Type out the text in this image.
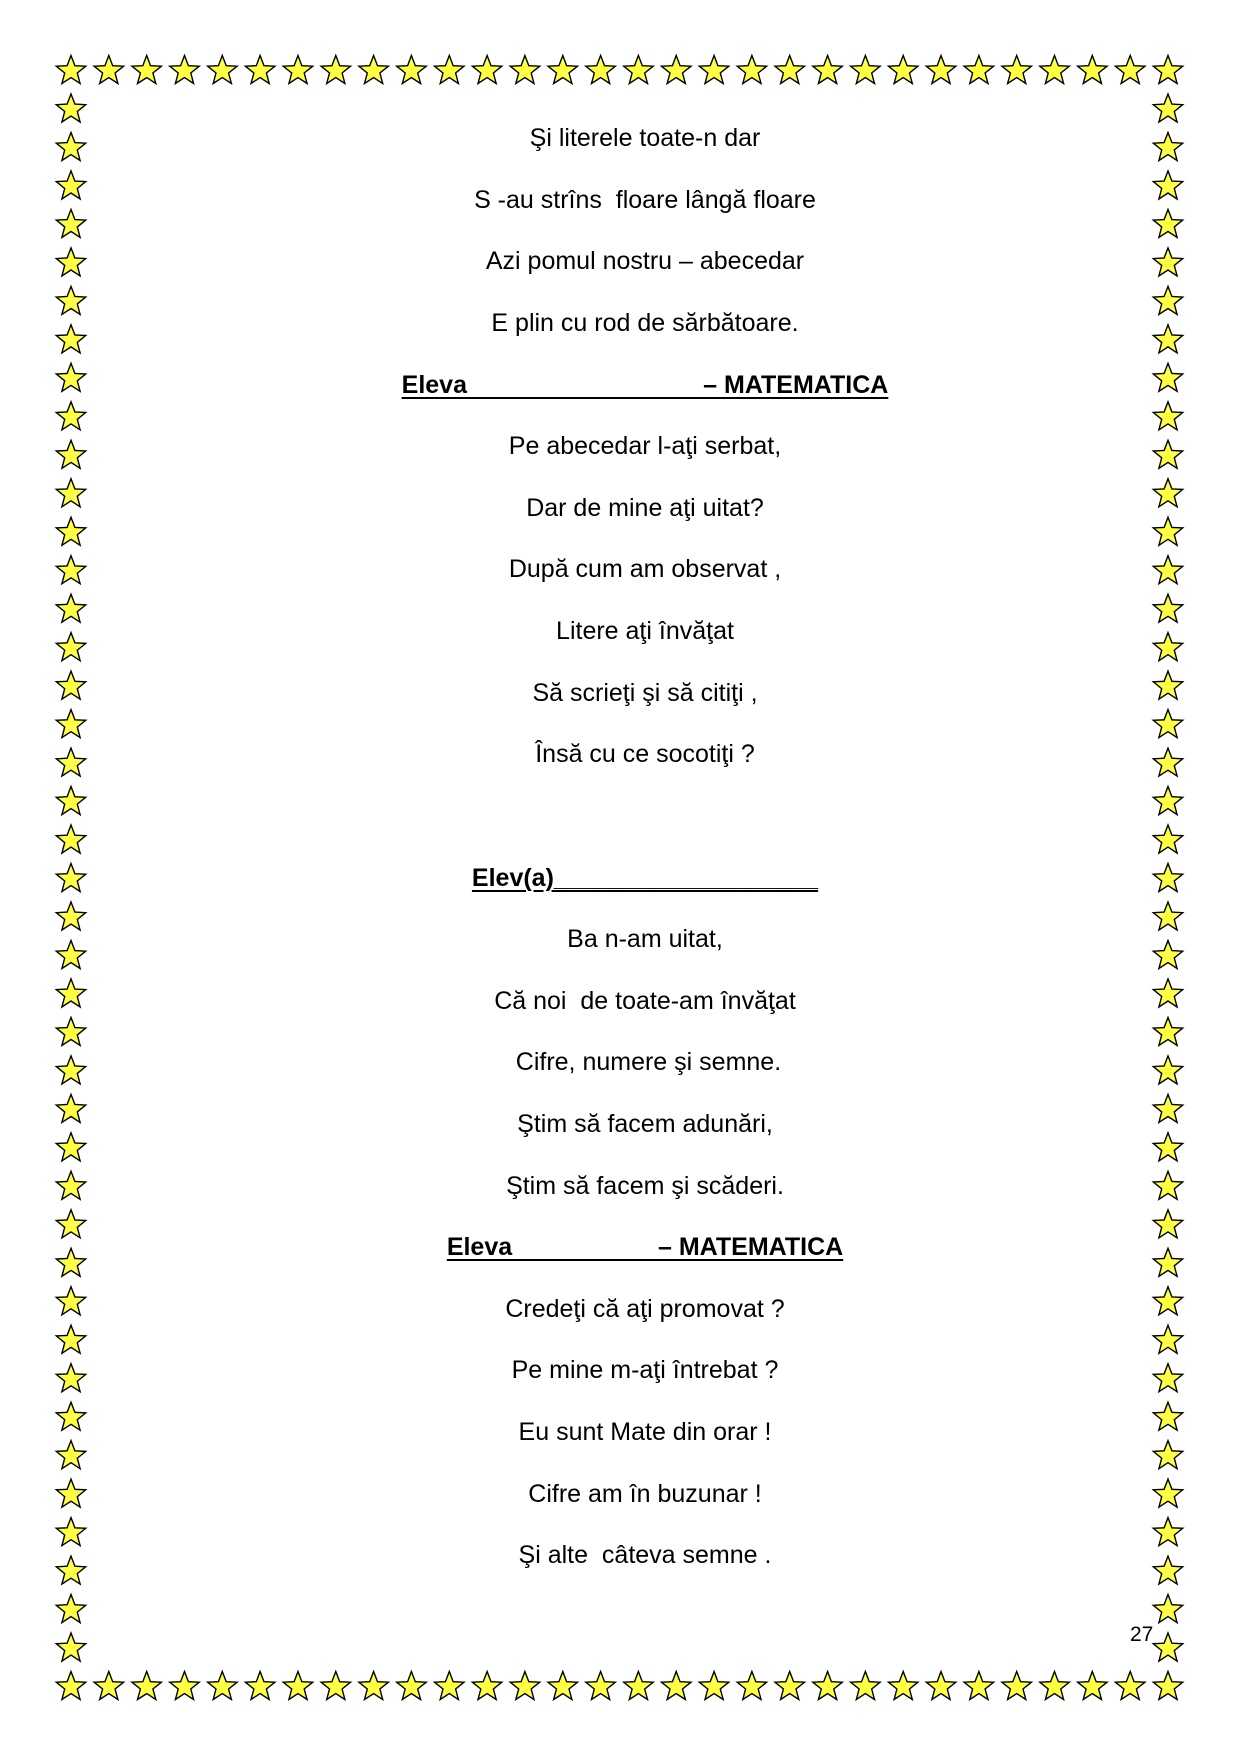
Şi literele toate-n dar
S -au strîns  floare lângă floare
Azi pomul nostru – abecedar
E plin cu rod de sărbătoare.
Eleva                                  – MATEMATICA
Pe abecedar l-aţi serbat,
Dar de mine aţi uitat?
După cum am observat ,
Litere aţi învăţat
Să scrieţi şi să citiţi ,
Însă cu ce socotiţi ?
Elev(a)___________________
Ba n-am uitat,
Că noi  de toate-am învăţat
Cifre, numere şi semne.
Ştim să facem adunări,
Ştim să facem şi scăderi.
Eleva                     – MATEMATICA
Credeţi că aţi promovat ?
Pe mine m-aţi întrebat ?
Eu sunt Mate din orar !
Cifre am în buzunar !
Şi alte  câteva semne .
27
